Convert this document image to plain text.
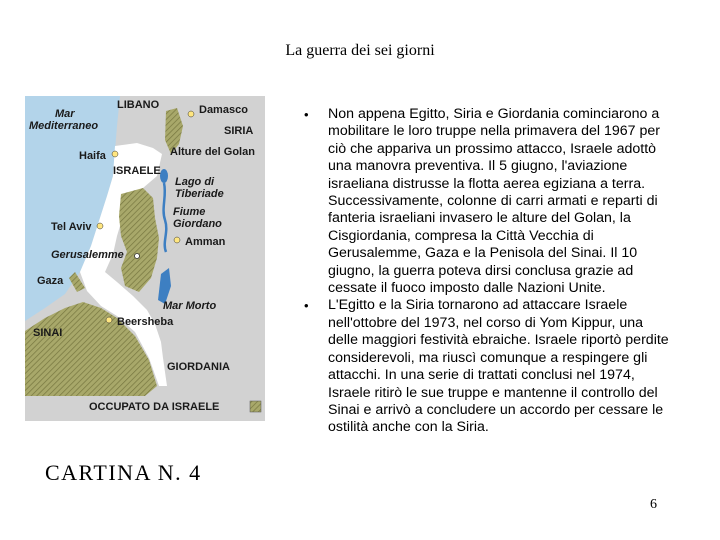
La guerra dei sei giorni
Mar
Mediterraneo
LIBANO	Damasco
SIRIA
Haifa	Alture del Golan
ISRAELE
Lago di
Tiberiade
Fiume
Giordano
Tel Aviv
Amman
Gerusalemme
Gaza
Mar Morto
Beersheba
SINAI
GIORDANIA
OCCUPATO DA ISRAELE
CARTINA N. 4
• Non appena Egitto, Siria e Giordania cominciarono a mobilitare le loro truppe nella primavera del 1967 per ciò che appariva un prossimo attacco, Israele adottò una manovra preventiva. Il 5 giugno, l'aviazione israeliana distrusse la flotta aerea egiziana a terra. Successivamente, colonne di carri armati e reparti di fanteria israeliani invasero le alture del Golan, la Cisgiordania, compresa la Città Vecchia di Gerusalemme, Gaza e la Penisola del Sinai. Il 10 giugno, la guerra poteva dirsi conclusa grazie ad cessate il fuoco imposto dalle Nazioni Unite.
• L'Egitto e la Siria tornarono ad attaccare Israele nell'ottobre del 1973, nel corso di Yom Kippur, una delle maggiori festività ebraiche. Israele riportò perdite considerevoli, ma riuscì comunque a respingere gli attacchi. In una serie di trattati conclusi nel 1974, Israele ritirò le sue truppe e mantenne il controllo del Sinai e arrivò a concludere un accordo per cessare le ostilità anche con la Siria.
6
